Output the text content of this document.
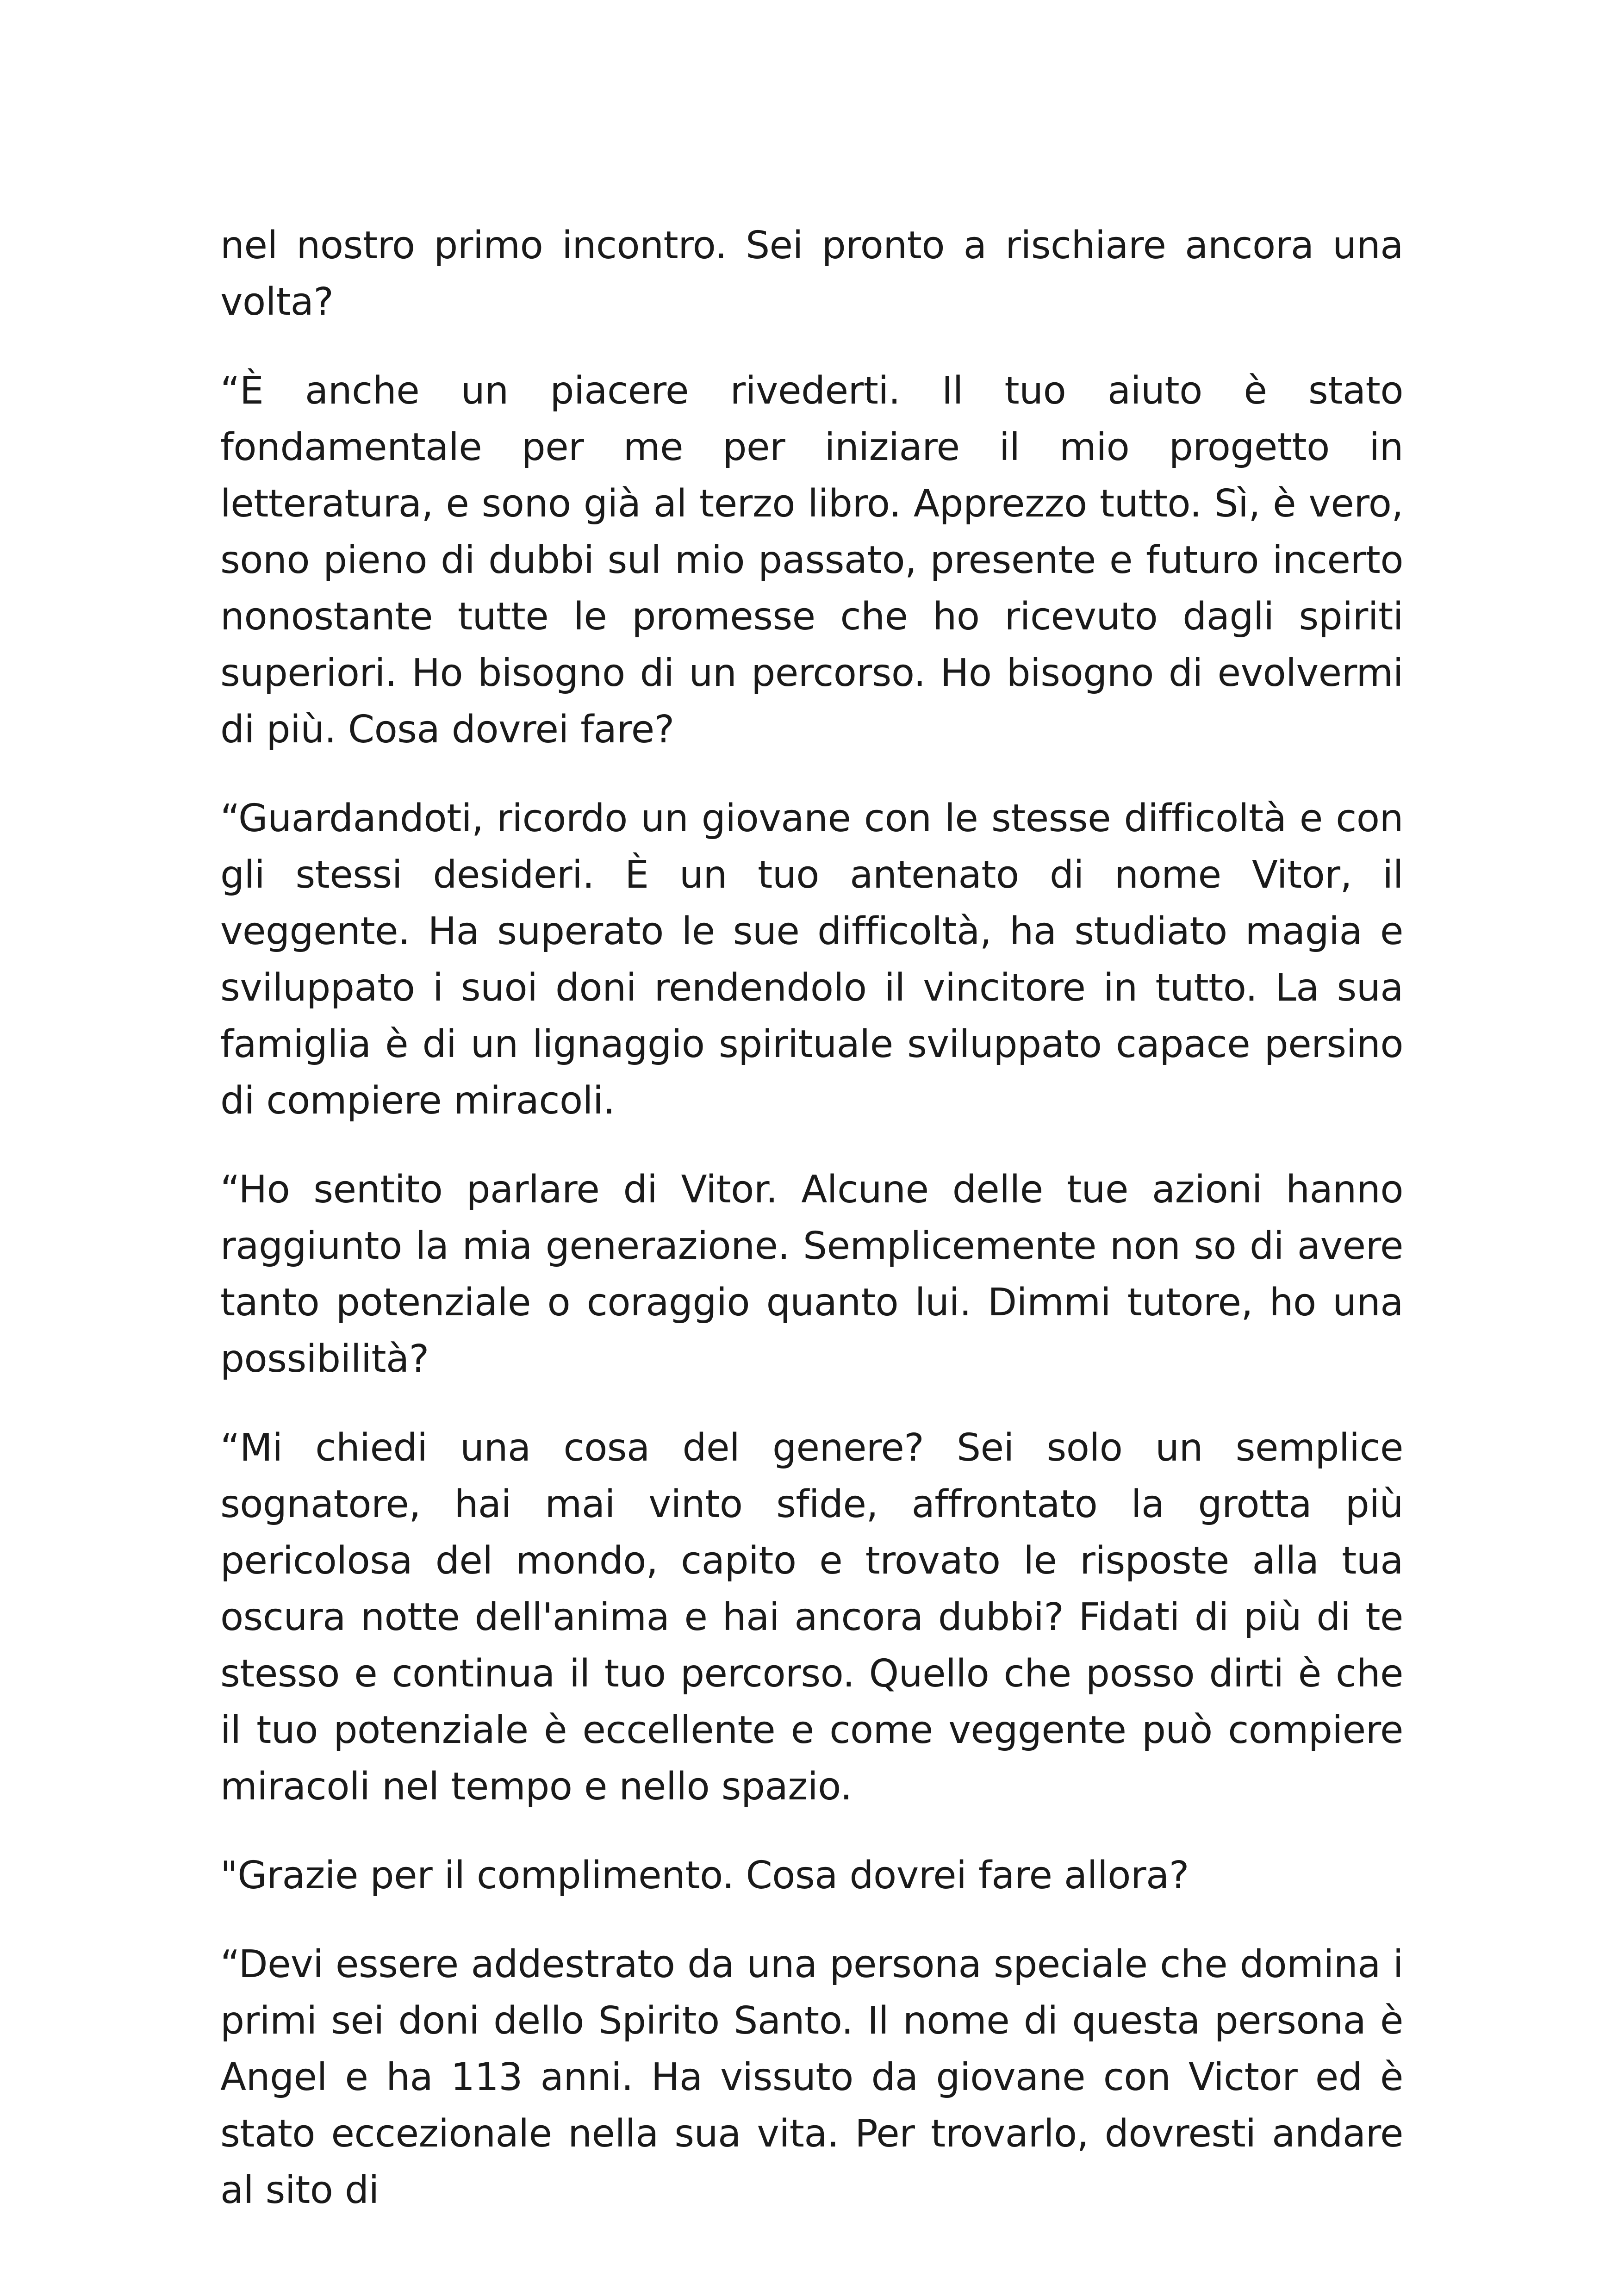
nel nostro primo incontro. Sei pronto a rischiare ancora una volta?

“È anche un piacere rivederti. Il tuo aiuto è stato fondamentale per me per iniziare il mio progetto in letteratura, e sono già al terzo libro. Apprezzo tutto. Sì, è vero, sono pieno di dubbi sul mio passato, presente e futuro incerto nonostante tutte le promesse che ho ricevuto dagli spiriti superiori. Ho bisogno di un percorso. Ho bisogno di evolvermi di più. Cosa dovrei fare?

“Guardandoti, ricordo un giovane con le stesse difficoltà e con gli stessi desideri. È un tuo antenato di nome Vitor, il veggente. Ha superato le sue difficoltà, ha studiato magia e sviluppato i suoi doni rendendolo il vincitore in tutto. La sua famiglia è di un lignaggio spirituale sviluppato capace persino di compiere miracoli.

“Ho sentito parlare di Vitor. Alcune delle tue azioni hanno raggiunto la mia generazione. Semplicemente non so di avere tanto potenziale o coraggio quanto lui. Dimmi tutore, ho una possibilità?

“Mi chiedi una cosa del genere? Sei solo un semplice sognatore, hai mai vinto sfide, affrontato la grotta più pericolosa del mondo, capito e trovato le risposte alla tua oscura notte dell'anima e hai ancora dubbi? Fidati di più di te stesso e continua il tuo percorso. Quello che posso dirti è che il tuo potenziale è eccellente e come veggente può compiere miracoli nel tempo e nello spazio.

"Grazie per il complimento. Cosa dovrei fare allora?

“Devi essere addestrato da una persona speciale che domina i primi sei doni dello Spirito Santo. Il nome di questa persona è Angel e ha 113 anni. Ha vissuto da giovane con Victor ed è stato eccezionale nella sua vita. Per trovarlo, dovresti andare al sito di
